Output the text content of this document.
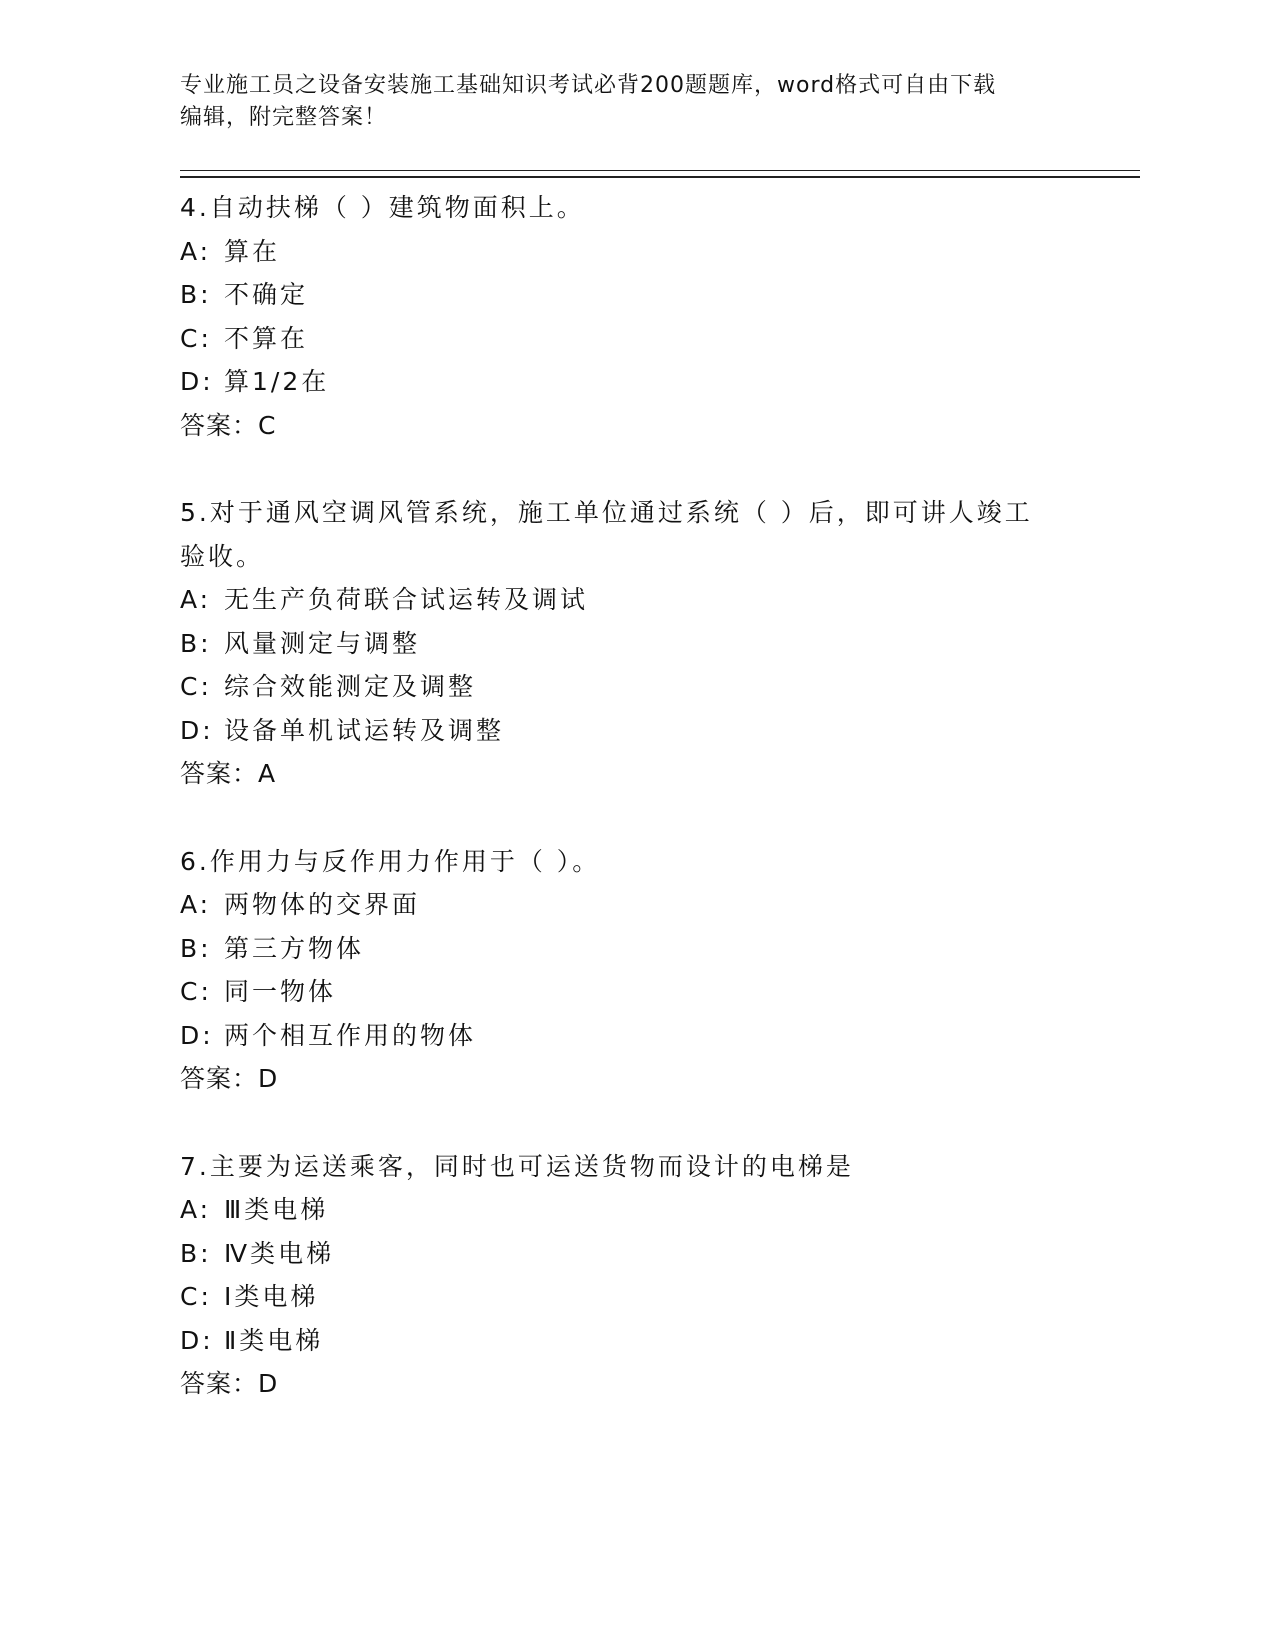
专业施工员之设备安装施工基础知识考试必背200题题库，word格式可自由下载
编辑，附完整答案！

4.自动扶梯（ ）建筑物面积上。

A: 算在

B: 不确定

C: 不算在

D: 算1/2在

答案：C

5.对于通风空调风管系统，施工单位通过系统（ ）后，即可讲人竣工验收。

A: 无生产负荷联合试运转及调试

B: 风量测定与调整

C: 综合效能测定及调整

D: 设备单机试运转及调整

答案：A

6.作用力与反作用力作用于（ ）。

A: 两物体的交界面

B: 第三方物体

C: 同一物体

D: 两个相互作用的物体

答案：D

7.主要为运送乘客，同时也可运送货物而设计的电梯是

A: Ⅲ类电梯

B: Ⅳ类电梯

C: Ⅰ类电梯

D: Ⅱ类电梯

答案：D
